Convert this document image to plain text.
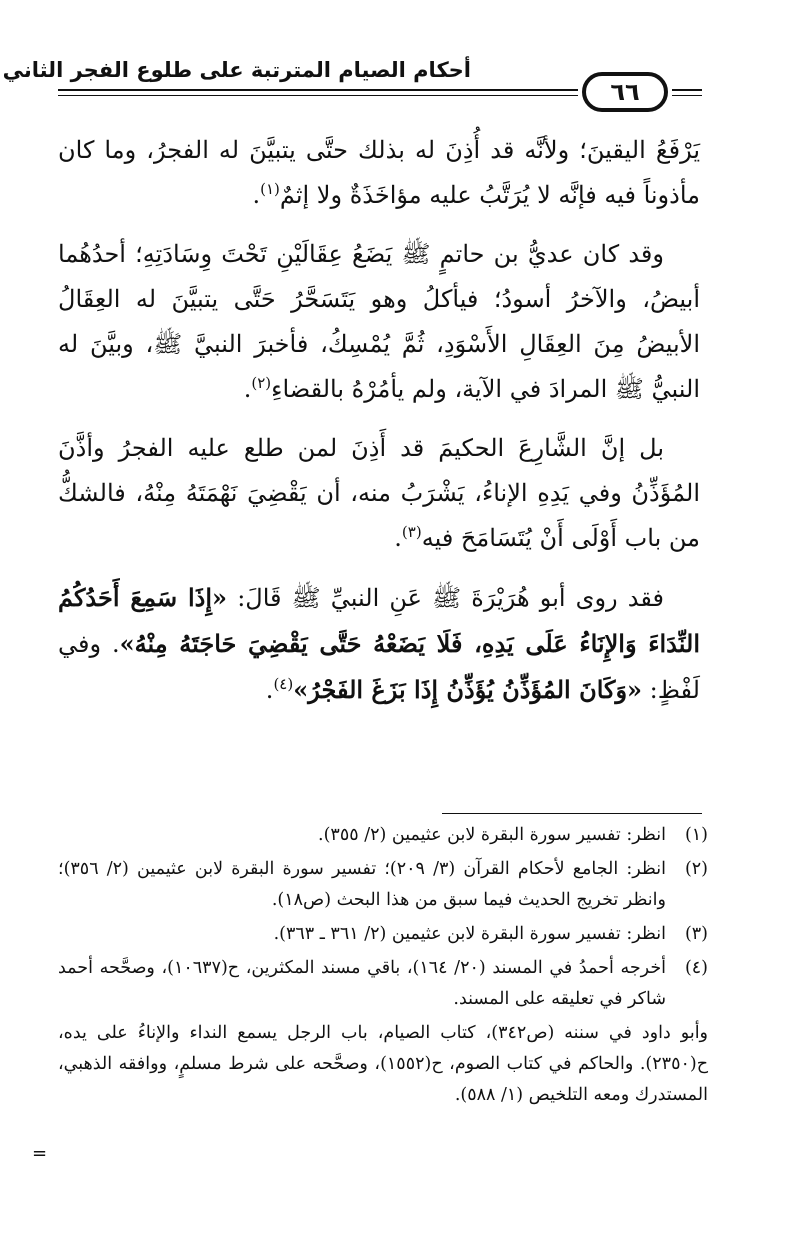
أحكام الصيام المترتبة على طلوع الفجر الثاني
٦٦

يَرْفَعُ اليقينَ؛ ولأنَّه قد أُذِنَ له بذلك حتَّى يتبيَّنَ له الفجرُ، وما كان مأذوناً فيه فإنَّه لا يُرَتَّبُ عليه مؤاخَذَةٌ ولا إثمٌ$^{(١)}$.

وقد كان عديُّ بن حاتمٍ ﷺ يَضَعُ عِقَالَيْنِ تَحْتَ وِسَادَتِهِ؛ أحدُهُما أبيضُ، والآخرُ أسودُ؛ فيأكلُ وهو يَتَسَحَّرُ حَتَّى يتبيَّنَ له العِقَالُ الأبيضُ مِنَ العِقَالِ الأَسْوَدِ، ثُمَّ يُمْسِكُ، فأخبرَ النبيَّ ﷺ، وبيَّنَ له النبيُّ ﷺ المرادَ في الآية، ولم يأمُرْهُ بالقضاءِ$^{(٢)}$.

بل إنَّ الشَّارِعَ الحكيمَ قد أَذِنَ لمن طلع عليه الفجرُ وأذَّنَ المُؤَذِّنُ وفي يَدِهِ الإناءُ، يَشْرَبُ منه، أن يَقْضِيَ نَهْمَتَهُ مِنْهُ، فالشكُّ من باب أَوْلَى أَنْ يُتَسَامَحَ فيه$^{(٣)}$.

فقد روى أبو هُرَيْرَةَ ﷺ عَنِ النبيِّ ﷺ قَالَ: «إِذَا سَمِعَ أَحَدُكُمُ النِّدَاءَ وَالإِنَاءُ عَلَى يَدِهِ، فَلَا يَضَعْهُ حَتَّى يَقْضِيَ حَاجَتَهُ مِنْهُ». وفي لَفْظٍ: «وَكَانَ المُؤَذِّنُ يُؤَذِّنُ إِذَا بَزَغَ الفَجْرُ»$^{(٤)}$.

(١)
انظر: تفسير سورة البقرة لابن عثيمين (٢/ ٣٥٥).
(٢)
انظر: الجامع لأحكام القرآن (٣/ ٢٠٩)؛ تفسير سورة البقرة لابن عثيمين (٢/ ٣٥٦)؛ وانظر تخريج الحديث فيما سبق من هذا البحث (ص١٨).
(٣)
انظر: تفسير سورة البقرة لابن عثيمين (٢/ ٣٦١ ـ ٣٦٣).
(٤)
أخرجه أحمدُ في المسند (٢٠/ ١٦٤)، باقي مسند المكثرين، ح(١٠٦٣٧)، وصحَّحه أحمد شاكر في تعليقه على المسند.
وأبو داود في سننه (ص٣٤٢)، كتاب الصيام، باب الرجل يسمع النداء والإناءُ على يده، ح(٢٣٥٠). والحاكم في كتاب الصوم، ح(١٥٥٢)، وصحَّحه على شرط مسلمٍ، ووافقه الذهبي، المستدرك ومعه التلخيص (١/ ٥٨٨).
=
